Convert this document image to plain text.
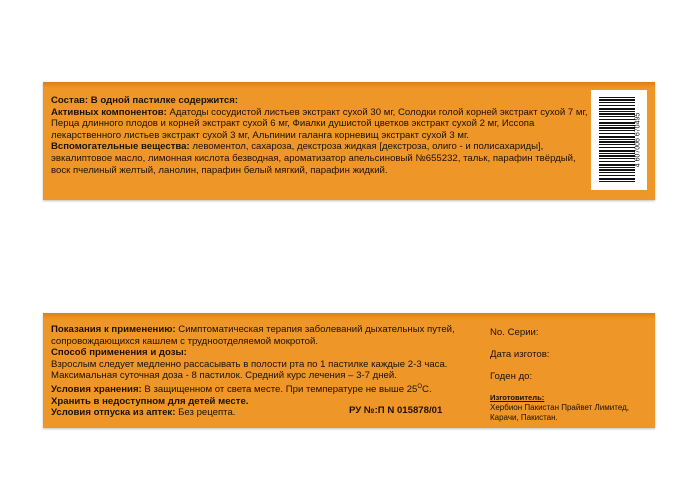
Состав: В одной пастилке содержится:
Активных компонентов: Адатоды сосудистой листьев экстракт сухой 30 мг, Солодки голой корней экстракт сухой 7 мг, Перца длинного плодов и корней экстракт сухой 6 мг, Фиалки душистой цветков экстракт сухой 2 мг, Иссопа лекарственного листьев экстракт сухой 3 мг, Альпинии галанга корневищ экстракт сухой 3 мг.
Вспомогательные вещества: левоментол, сахароза, декстроза жидкая [декстроза, олиго - и полисахариды], эвкалиптовое масло, лимонная кислота безводная, ароматизатор апельсиновый №655232, тальк, парафин твёрдый, воск пчелиный желтый, ланолин, парафин белый мягкий, парафин жидкий.
4 607006 670495
Показания к применению: Симптоматическая терапия заболеваний дыхательных путей, сопровождающихся кашлем с трудноотделяемой мокротой.
Способ применения и дозы:
Взрослым следует медленно рассасывать в полости рта по 1 пастилке каждые 2-3 часа.
Максимальная суточная доза - 8 пастилок. Средний курс лечения – 3-7 дней.
Условия хранения: В защищенном от света месте. При температуре не выше $25^OС$.
Хранить в недоступном для детей месте.
Условия отпуска из аптек: Без рецепта.	РУ №:П N 015878/01
No. Серии:
Дата изготов:
Годен до:
Изготовитель:
Хербион Пакистан Прайвет Лимитед, Карачи, Пакистан.
